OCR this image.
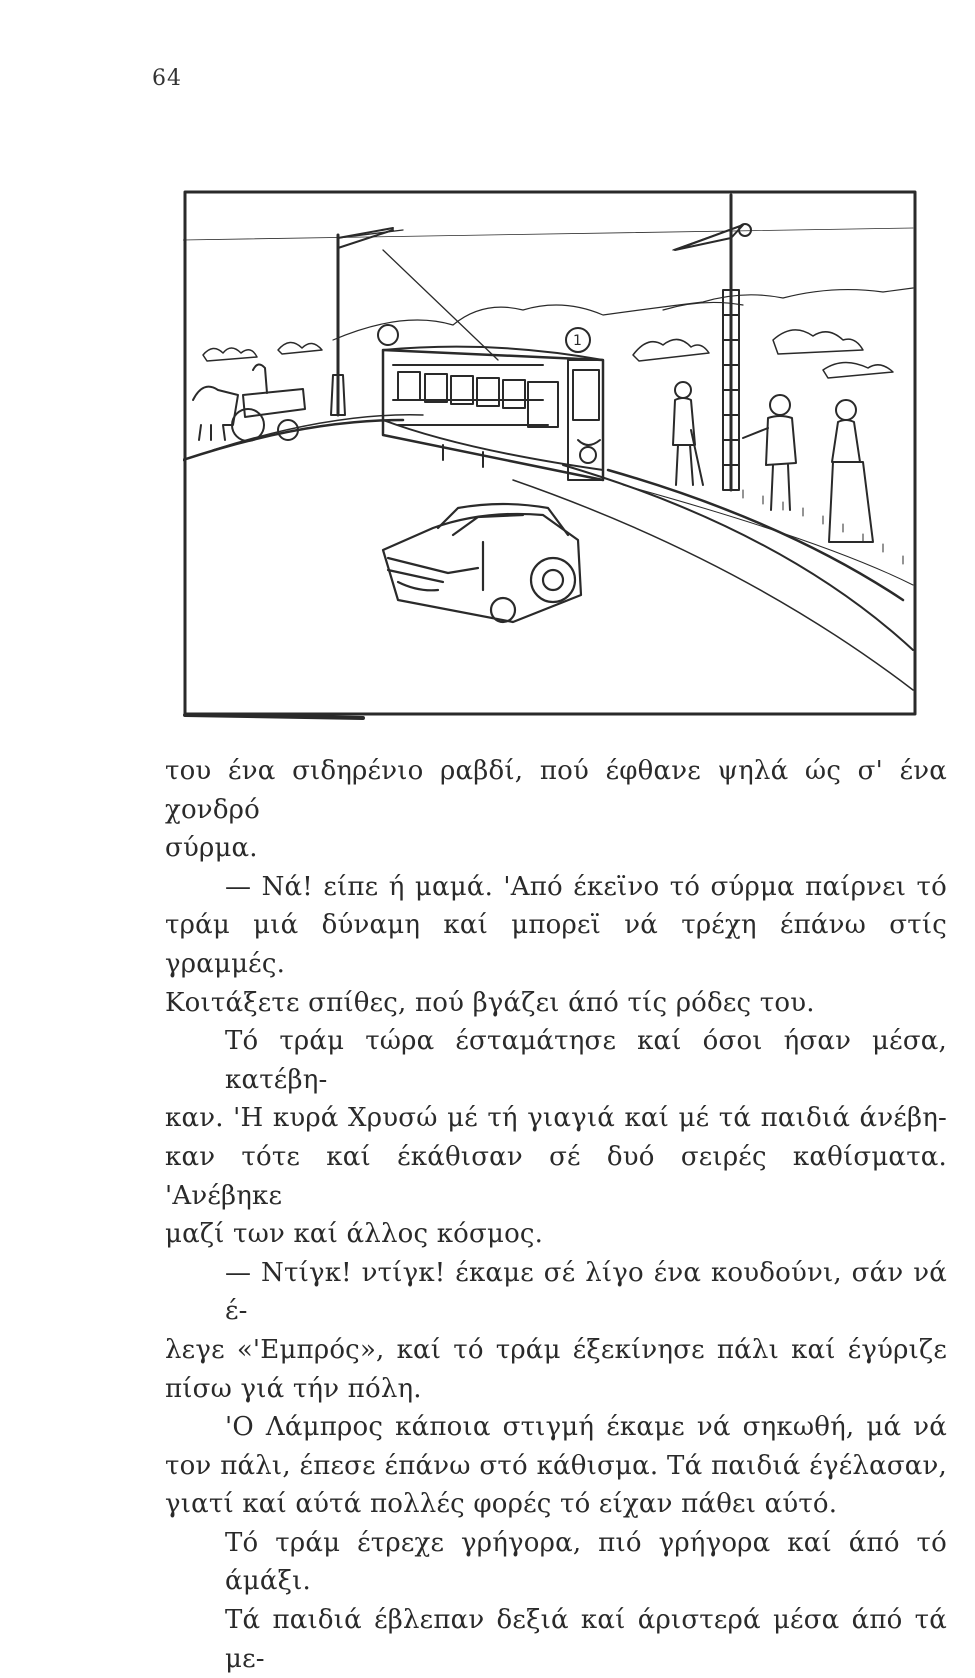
64
1

του ένα σιδηρένιο ραβδί, πού έφθανε ψηλά ώς σ' ένα χονδρό

σύρμα.

— Νά! είπε ή μαμά. 'Από έκεϊνο τό σύρμα παίρνει τό

τράμ μιά δύναμη καί μπορεϊ νά τρέχη έπάνω στίς γραμμές.

Κοιτάξετε σπίθες, πού βγάζει άπό τίς ρόδες του.

Τό τράμ τώρα έσταμάτησε καί όσοι ήσαν μέσα, κατέβη-

καν. 'Η κυρά Χρυσώ μέ τή γιαγιά καί μέ τά παιδιά άνέβη-

καν τότε καί έκάθισαν σέ δυό σειρές καθίσματα. 'Ανέβηκε

μαζί των καί άλλος κόσμος.

— Ντίγκ! ντίγκ! έκαμε σέ λίγο ένα κουδούνι, σάν νά έ-

λεγε «'Εμπρός», καί τό τράμ έξεκίνησε πάλι καί έγύριζε

πίσω γιά τήν πόλη.

'Ο Λάμπρος κάποια στιγμή έκαμε νά σηκωθή, μά νά

τον πάλι, έπεσε έπάνω στό κάθισμα. Τά παιδιά έγέλασαν,

γιατί καί αύτά πολλές φορές τό είχαν πάθει αύτό.

Τό τράμ έτρεχε γρήγορα, πιό γρήγορα καί άπό τό άμάξι.

Τά παιδιά έβλεπαν δεξιά καί άριστερά μέσα άπό τά με-
